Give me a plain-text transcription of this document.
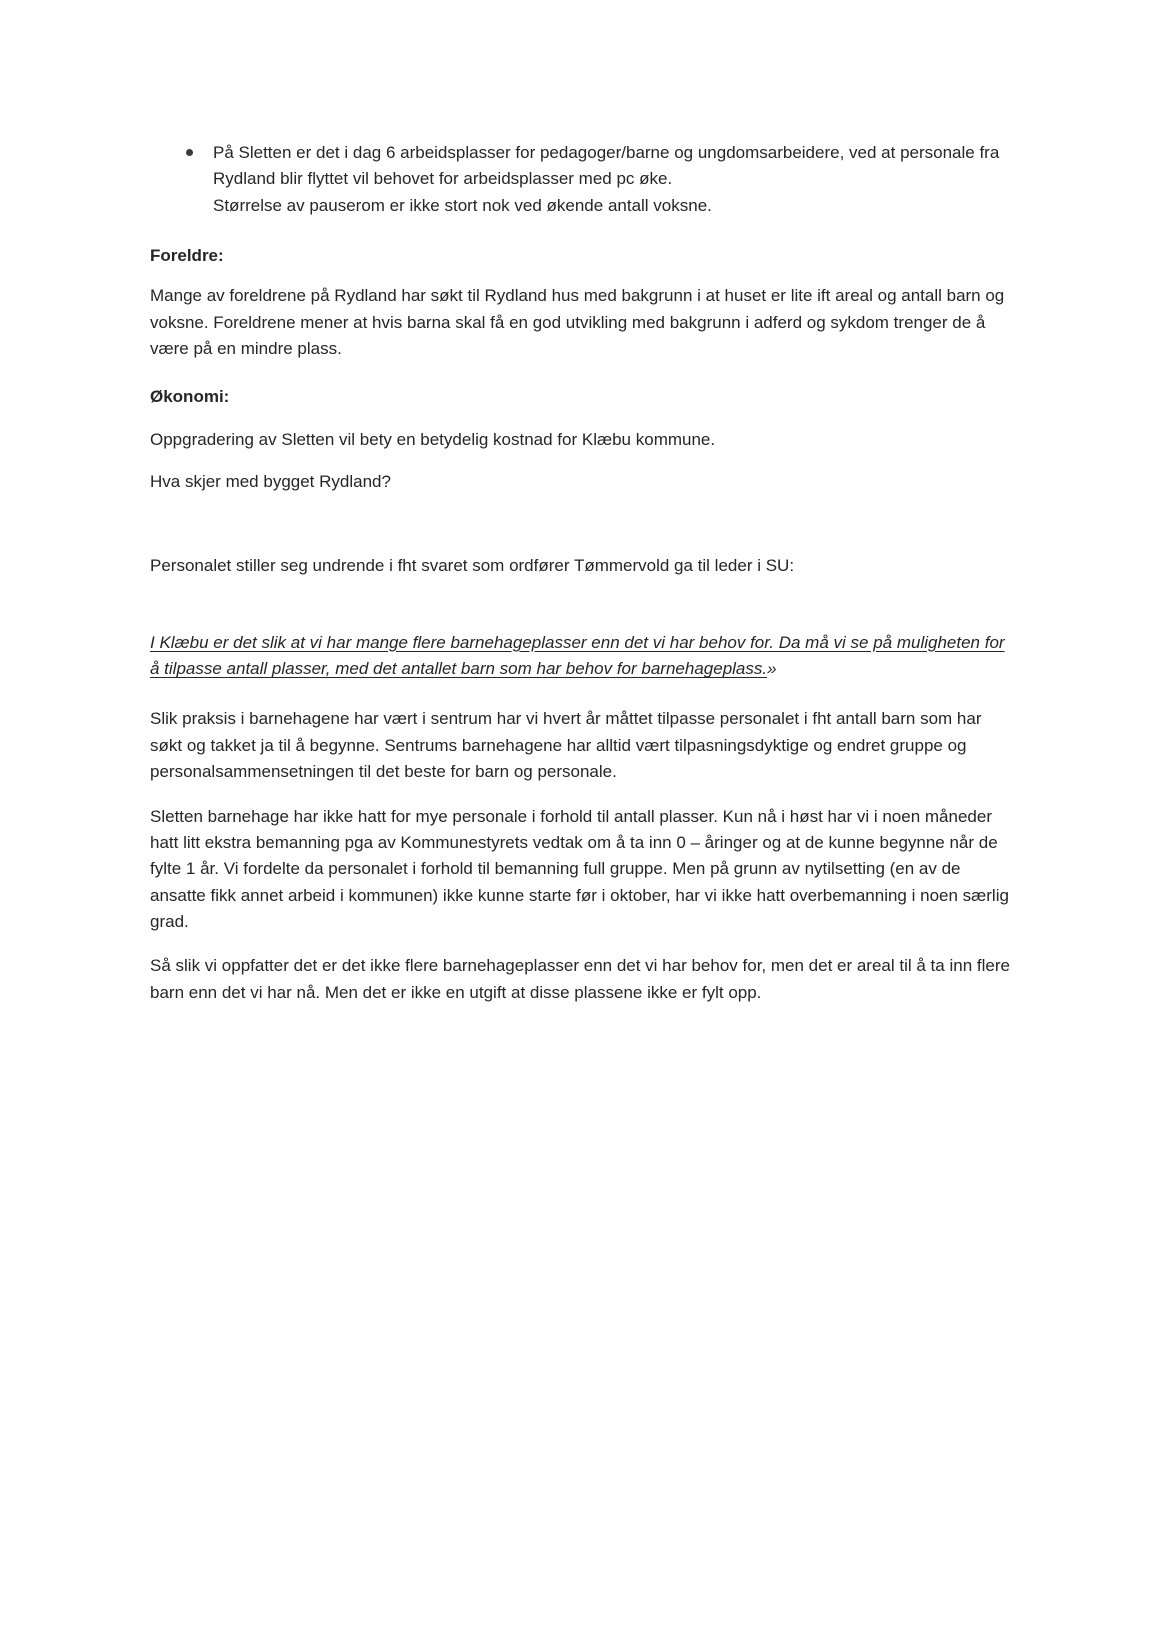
På Sletten er det i dag 6 arbeidsplasser for pedagoger/barne og ungdomsarbeidere, ved at personale fra Rydland blir flyttet vil behovet for arbeidsplasser med pc øke.
Størrelse av pauserom er ikke stort nok ved økende antall voksne.

Foreldre:

Mange av foreldrene på Rydland har søkt til Rydland hus med bakgrunn i at huset er lite ift areal og antall barn og voksne. Foreldrene mener at hvis barna skal få en god utvikling med bakgrunn i adferd og sykdom trenger de å være på en mindre plass.

Økonomi:

Oppgradering av Sletten vil bety en betydelig kostnad for Klæbu kommune.

Hva skjer med bygget Rydland?

Personalet stiller seg undrende i fht svaret som ordfører Tømmervold ga til leder i SU:

I Klæbu er det slik at vi har mange flere barnehageplasser enn det vi har behov for. Da må vi se på muligheten for å tilpasse antall plasser, med det antallet barn som har behov for barnehageplass.»

Slik praksis i barnehagene har vært i sentrum har vi hvert år måttet tilpasse personalet i fht antall barn som har søkt og takket ja til å begynne. Sentrums barnehagene har alltid vært tilpasningsdyktige og endret gruppe og personalsammensetningen til det beste for barn og personale.

Sletten barnehage har ikke hatt for mye personale i forhold til antall plasser. Kun nå i høst har vi i noen måneder hatt litt ekstra bemanning pga av Kommunestyrets vedtak om å ta inn 0 – åringer og at de kunne begynne når de fylte 1 år. Vi fordelte da personalet i forhold til bemanning full gruppe. Men på grunn av nytilsetting (en av de ansatte fikk annet arbeid i kommunen) ikke kunne starte før i oktober, har vi ikke hatt overbemanning i noen særlig grad.

Så slik vi oppfatter det er det ikke flere barnehageplasser enn det vi har behov for, men det er areal til å ta inn flere barn enn det vi har nå. Men det er ikke en utgift at disse plassene ikke er fylt opp.
